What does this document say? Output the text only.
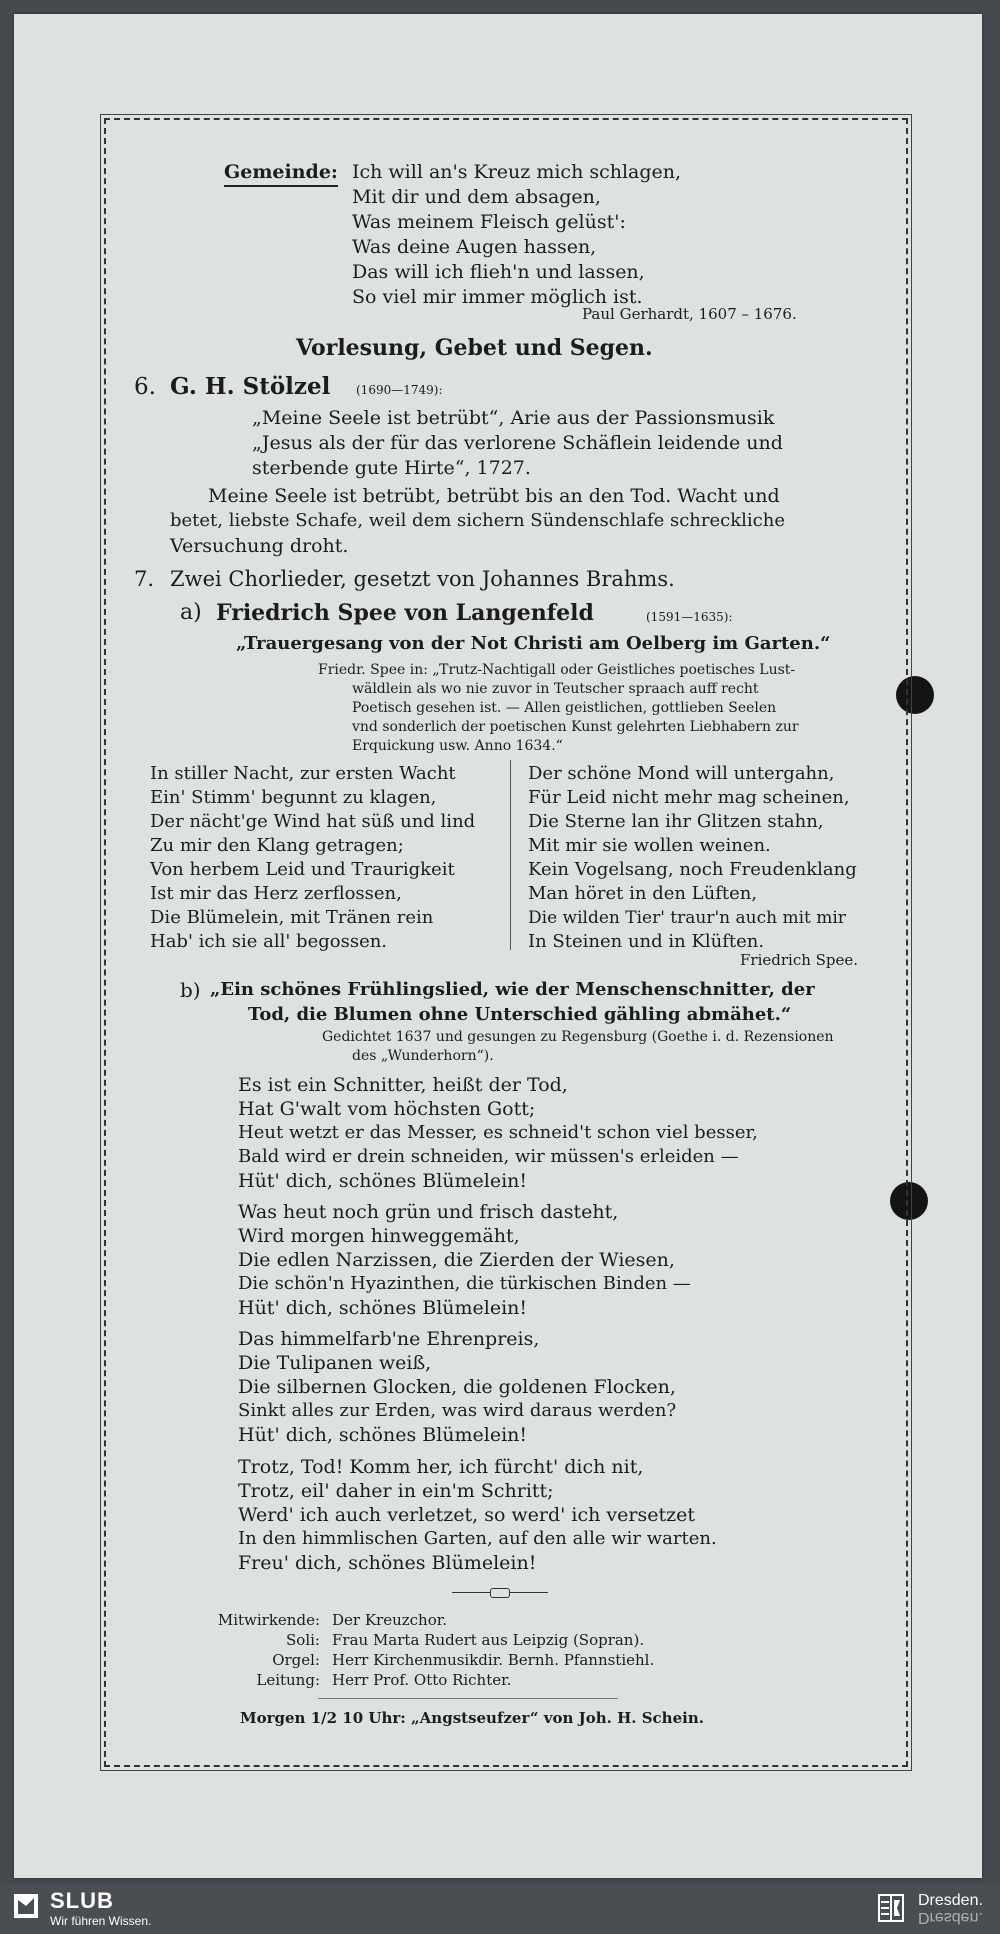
Gemeinde: Ich will an's Kreuz mich schlagen,
Mit dir und dem absagen,
Was meinem Fleisch gelüst':
Was deine Augen hassen,
Das will ich flieh'n und lassen,
So viel mir immer möglich ist.
Paul Gerhardt, 1607 – 1676.
Vorlesung, Gebet und Segen.
6. G. H. Stölzel (1690—1749):
„Meine Seele ist betrübt“, Arie aus der Passionsmusik
„Jesus als der für das verlorene Schäflein leidende und
sterbende gute Hirte“, 1727.
Meine Seele ist betrübt, betrübt bis an den Tod. Wacht und
betet, liebste Schafe, weil dem sichern Sündenschlafe schreckliche
Versuchung droht.
7. Zwei Chorlieder, gesetzt von Johannes Brahms.
a) Friedrich Spee von Langenfeld	(1591—1635):
„Trauergesang von der Not Christi am Oelberg im Garten.“
Friedr. Spee in: „Trutz-Nachtigall oder Geistliches poetisches Lust-
wäldlein als wo nie zuvor in Teutscher spraach auff recht
Poetisch gesehen ist. — Allen geistlichen, gottlieben Seelen
vnd sonderlich der poetischen Kunst gelehrten Liebhabern zur
Erquickung usw. Anno 1634.“
In stiller Nacht, zur ersten Wacht
Ein' Stimm' begunnt zu klagen,
Der nächt'ge Wind hat süß und lind
Zu mir den Klang getragen;
Von herbem Leid und Traurigkeit
Ist mir das Herz zerflossen,
Die Blümelein, mit Tränen rein
Hab' ich sie all' begossen.
Der schöne Mond will untergahn,
Für Leid nicht mehr mag scheinen,
Die Sterne lan ihr Glitzen stahn,
Mit mir sie wollen weinen.
Kein Vogelsang, noch Freudenklang
Man höret in den Lüften,
Die wilden Tier' traur'n auch mit mir
In Steinen und in Klüften.
Friedrich Spee.
b) „Ein schönes Frühlingslied, wie der Menschenschnitter, der
Tod, die Blumen ohne Unterschied gähling abmähet.“
Gedichtet 1637 und gesungen zu Regensburg (Goethe i. d. Rezensionen
des „Wunderhorn“).
Es ist ein Schnitter, heißt der Tod,
Hat G'walt vom höchsten Gott;
Heut wetzt er das Messer, es schneid't schon viel besser,
Bald wird er drein schneiden, wir müssen's erleiden —
Hüt' dich, schönes Blümelein!
Was heut noch grün und frisch dasteht,
Wird morgen hinweggemäht,
Die edlen Narzissen, die Zierden der Wiesen,
Die schön'n Hyazinthen, die türkischen Binden —
Hüt' dich, schönes Blümelein!
Das himmelfarb'ne Ehrenpreis,
Die Tulipanen weiß,
Die silbernen Glocken, die goldenen Flocken,
Sinkt alles zur Erden, was wird daraus werden?
Hüt' dich, schönes Blümelein!
Trotz, Tod! Komm her, ich fürcht' dich nit,
Trotz, eil' daher in ein'm Schritt;
Werd' ich auch verletzet, so werd' ich versetzet
In den himmlischen Garten, auf den alle wir warten.
Freu' dich, schönes Blümelein!
Mitwirkende: Der Kreuzchor.
Soli: Frau Marta Rudert aus Leipzig (Sopran).
Orgel: Herr Kirchenmusikdir. Bernh. Pfannstiehl.
Leitung: Herr Prof. Otto Richter.
Morgen 1/2 10 Uhr: „Angstseufzer“ von Joh. H. Schein.
SLUB
Wir führen Wissen.
Dresden.
Dresden.
